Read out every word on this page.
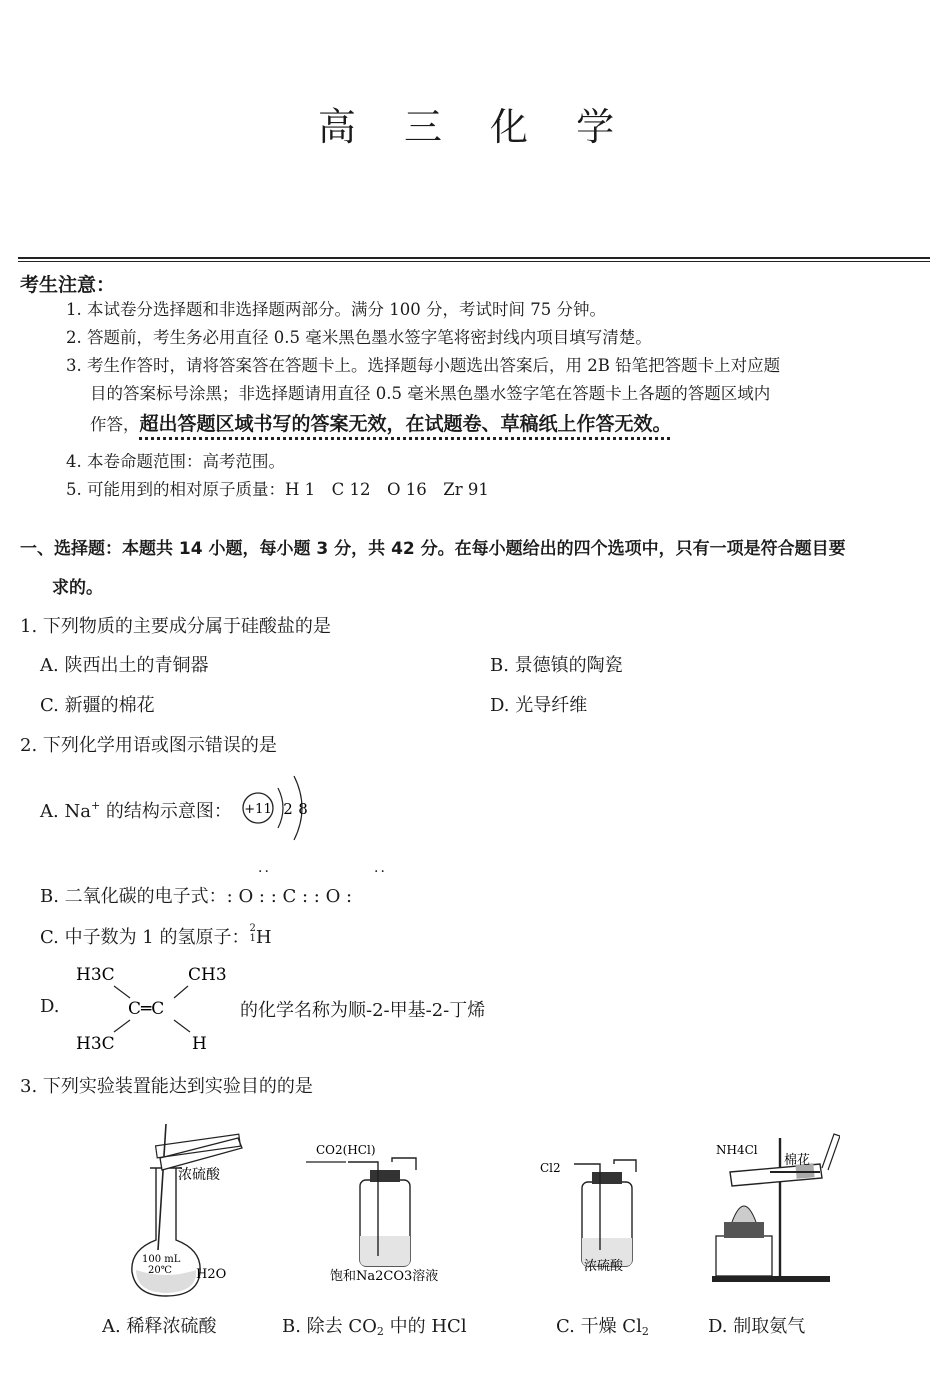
高 三 化 学
考生注意：
1. 本试卷分选择题和非选择题两部分。满分 100 分，考试时间 75 分钟。
2. 答题前，考生务必用直径 0.5 毫米黑色墨水签字笔将密封线内项目填写清楚。
3. 考生作答时，请将答案答在答题卡上。选择题每小题选出答案后，用 2B 铅笔把答题卡上对应题
目的答案标号涂黑；非选择题请用直径 0.5 毫米黑色墨水签字笔在答题卡上各题的答题区域内
作答，超出答题区域书写的答案无效，在试题卷、草稿纸上作答无效。
4. 本卷命题范围：高考范围。
5. 可能用到的相对原子质量：H 1　C 12　O 16　Zr 91
一、选择题：本题共 14 小题，每小题 3 分，共 42 分。在每小题给出的四个选项中，只有一项是符合题目要
求的。
1. 下列物质的主要成分属于硅酸盐的是
A. 陕西出土的青铜器	B. 景德镇的陶瓷
C. 新疆的棉花	D. 光导纤维
2. 下列化学用语或图示错误的是
A. Na+ 的结构示意图： +11 2 8
B. 二氧化碳的电子式：: O : : C : : O :
··	··
C. 中子数为 1 的氢原子：2
1H
D.
H3C	CH3
C═C
H3C	H
的化学名称为顺-2-甲基-2-丁烯
3. 下列实验装置能达到实验目的的是
浓硫酸
100 mL
20℃ H2O
CO2(HCl)
饱和Na2CO3溶液
Cl2
浓硫酸
NH4Cl
棉花
A. 稀释浓硫酸	B. 除去 $CO_2$ 中的 HCl	C. 干燥 $Cl_2$	D. 制取氨气
